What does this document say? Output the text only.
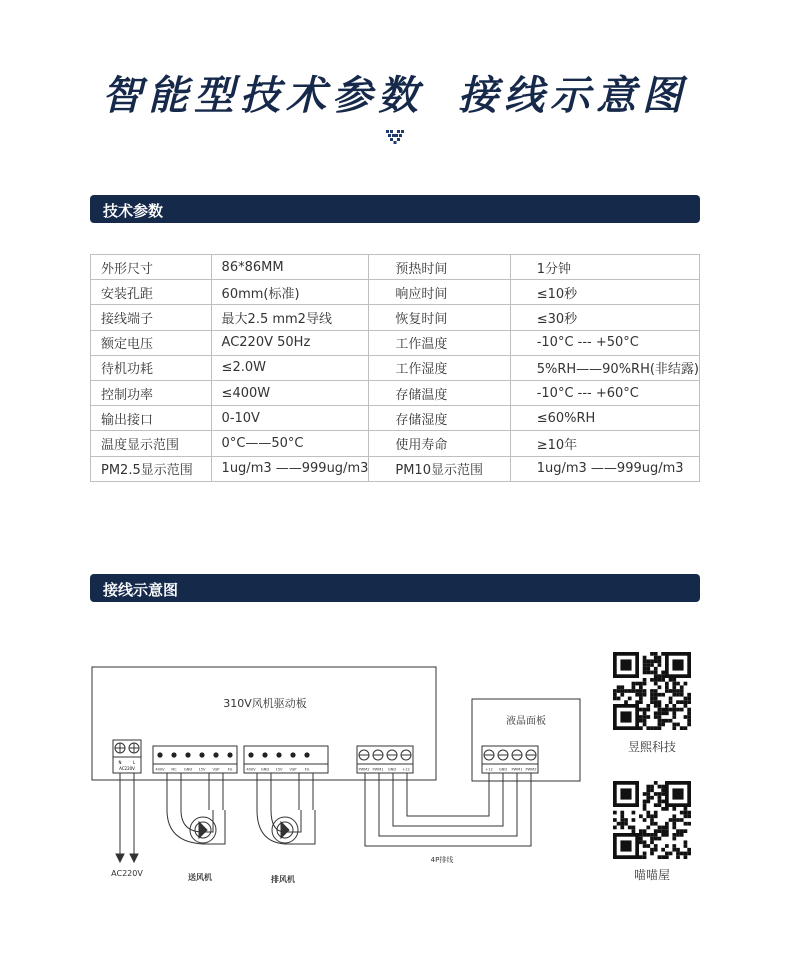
智能型技术参数 接线示意图
技术参数
外形尺寸	86*86MM	预热时间	1分钟
安装孔距	60mm(标准)	响应时间	≤10秒
接线端子	最大2.5 mm2导线	恢复时间	≤30秒
额定电压	AC220V 50Hz	工作温度	-10°C --- +50°C
待机功耗	≤2.0W	工作湿度	5%RH——90%RH(非结露)
控制功率	≤400W	存储温度	-10°C --- +60°C
输出接口	0-10V	存储湿度	≤60%RH
温度显示范围	0°C——50°C	使用寿命	≥10年
PM2.5显示范围	1ug/m3 ——999ug/m3	PM10显示范围	1ug/m3 ——999ug/m3
接线示意图
310V风机驱动板
液晶面板
N	L
AC220V	400V NC GND 15V VSP FG	400V GND 15V VSP FG	PWM2 PWM1 GND +12	+12 GND PWM1 PWM2
AC220V	送风机	排风机
4P排线
昱熙科技
喵喵屋
